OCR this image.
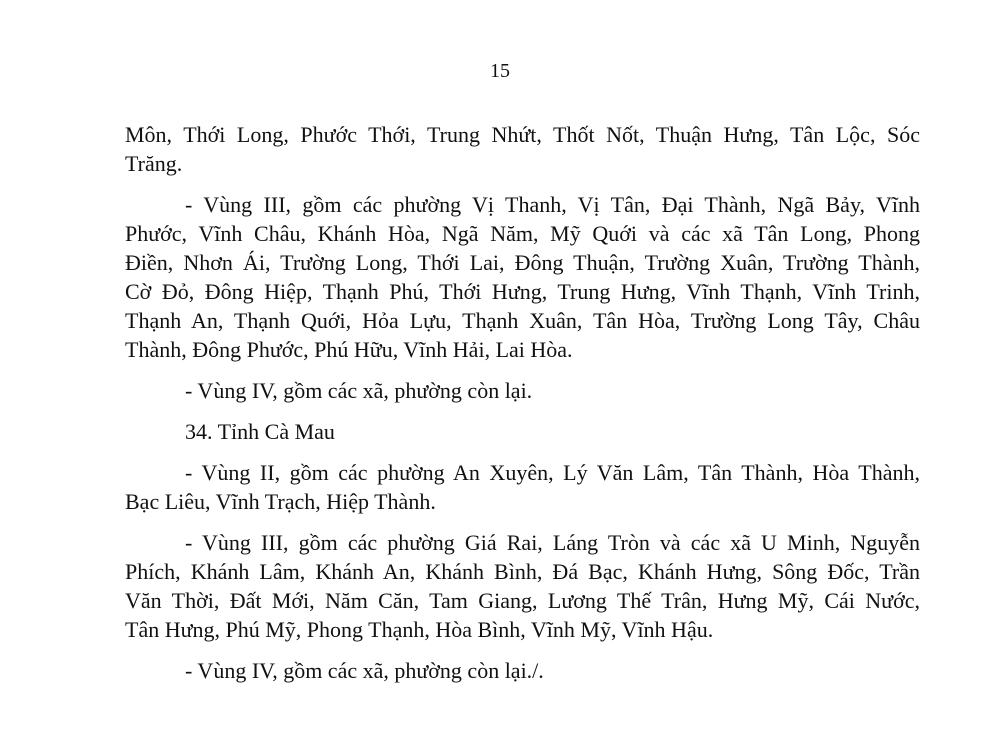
15
Môn, Thới Long, Phước Thới, Trung Nhứt, Thốt Nốt, Thuận Hưng, Tân Lộc, Sóc
Trăng.
- Vùng III, gồm các phường Vị Thanh, Vị Tân, Đại Thành, Ngã Bảy, Vĩnh
Phước, Vĩnh Châu, Khánh Hòa, Ngã Năm, Mỹ Quới và các xã Tân Long, Phong
Điền, Nhơn Ái, Trường Long, Thới Lai, Đông Thuận, Trường Xuân, Trường Thành,
Cờ Đỏ, Đông Hiệp, Thạnh Phú, Thới Hưng, Trung Hưng, Vĩnh Thạnh, Vĩnh Trinh,
Thạnh An, Thạnh Quới, Hỏa Lựu, Thạnh Xuân, Tân Hòa, Trường Long Tây, Châu
Thành, Đông Phước, Phú Hữu, Vĩnh Hải, Lai Hòa.
- Vùng IV, gồm các xã, phường còn lại.
34. Tỉnh Cà Mau
- Vùng II, gồm các phường An Xuyên, Lý Văn Lâm, Tân Thành, Hòa Thành,
Bạc Liêu, Vĩnh Trạch, Hiệp Thành.
- Vùng III, gồm các phường Giá Rai, Láng Tròn và các xã U Minh, Nguyễn
Phích, Khánh Lâm, Khánh An, Khánh Bình, Đá Bạc, Khánh Hưng, Sông Đốc, Trần
Văn Thời, Đất Mới, Năm Căn, Tam Giang, Lương Thế Trân, Hưng Mỹ, Cái Nước,
Tân Hưng, Phú Mỹ, Phong Thạnh, Hòa Bình, Vĩnh Mỹ, Vĩnh Hậu.
- Vùng IV, gồm các xã, phường còn lại./.
